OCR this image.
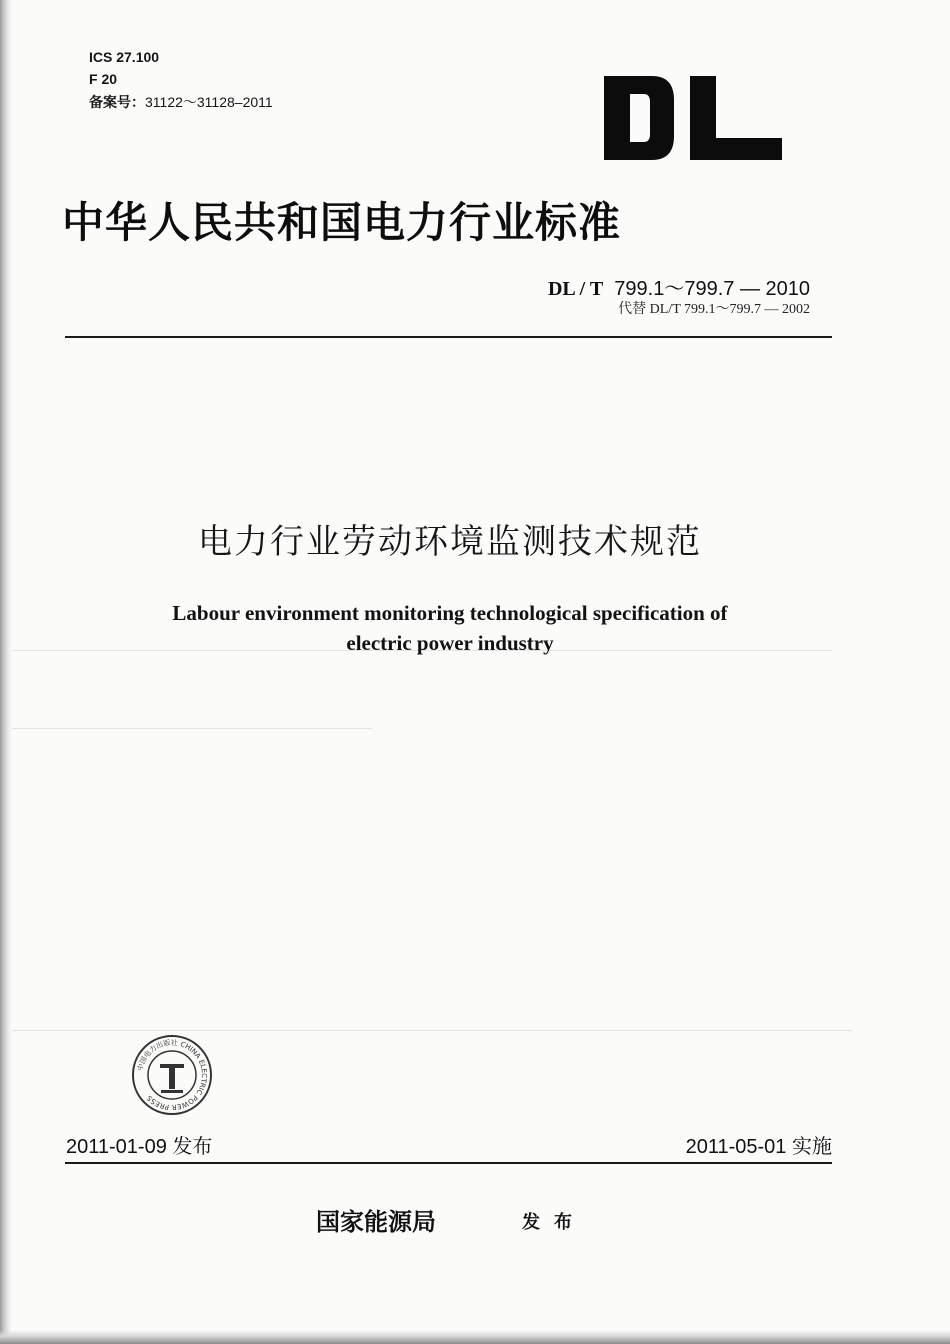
ICS 27.100
F 20
备案号：31122～31128–2011
中华人民共和国电力行业标准
DL / T 799.1～799.7 — 2010
代替 DL/T 799.1～799.7 — 2002
电力行业劳动环境监测技术规范
Labour environment monitoring technological specification of
electric power industry
中国电力出版社 CHINA ELECTRIC POWER PRESS
2011-01-09 发布	2011-05-01 实施
国家能源局	发布
